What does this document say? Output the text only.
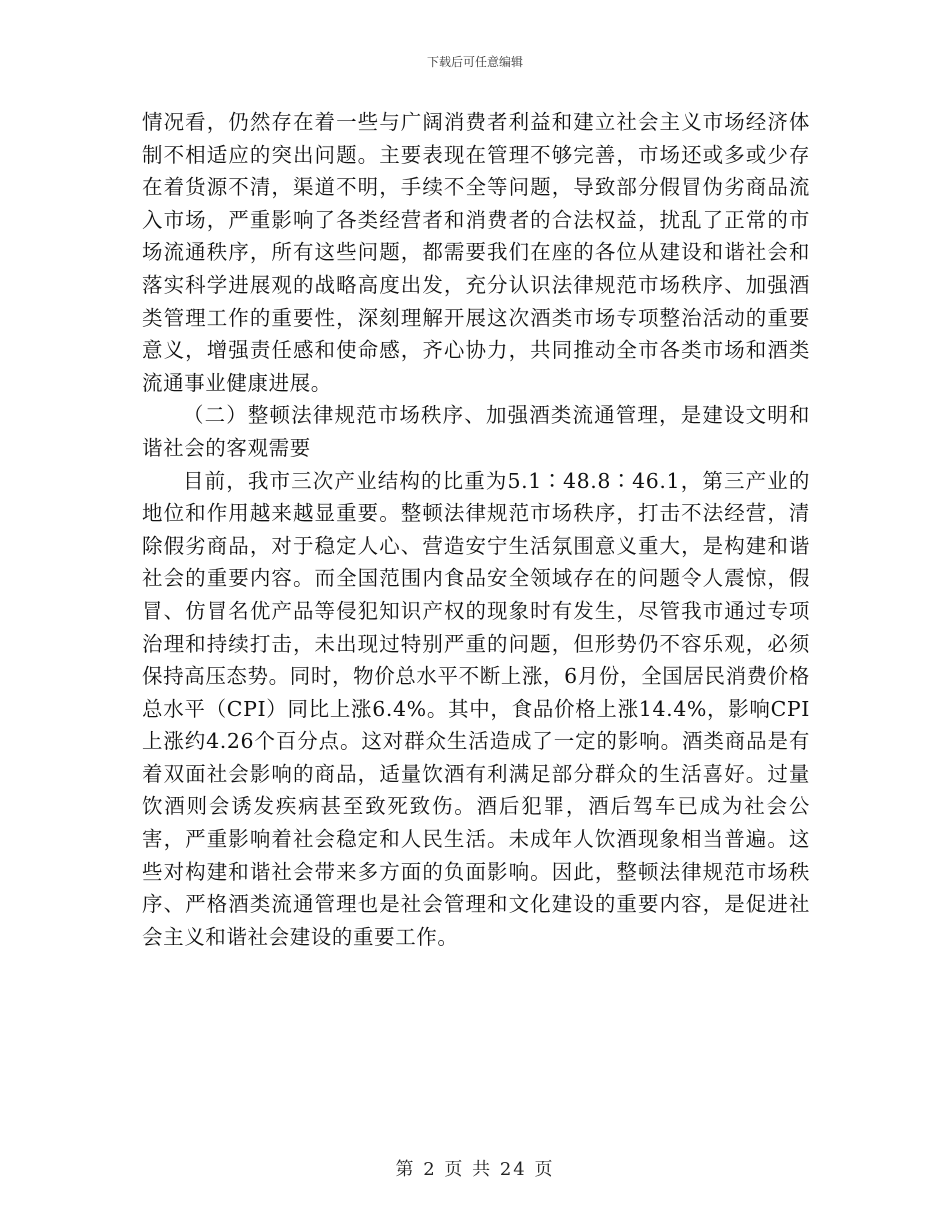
下载后可任意编辑

情况看，仍然存在着一些与广阔消费者利益和建立社会主义市场经济体制不相适应的突出问题。主要表现在管理不够完善，市场还或多或少存在着货源不清，渠道不明，手续不全等问题，导致部分假冒伪劣商品流入市场，严重影响了各类经营者和消费者的合法权益，扰乱了正常的市场流通秩序，所有这些问题，都需要我们在座的各位从建设和谐社会和落实科学进展观的战略高度出发，充分认识法律规范市场秩序、加强酒类管理工作的重要性，深刻理解开展这次酒类市场专项整治活动的重要意义，增强责任感和使命感，齐心协力，共同推动全市各类市场和酒类流通事业健康进展。

（二）整顿法律规范市场秩序、加强酒类流通管理，是建设文明和谐社会的客观需要

目前，我市三次产业结构的比重为5.1∶48.8∶46.1，第三产业的地位和作用越来越显重要。整顿法律规范市场秩序，打击不法经营，清除假劣商品，对于稳定人心、营造安宁生活氛围意义重大，是构建和谐社会的重要内容。而全国范围内食品安全领域存在的问题令人震惊，假冒、仿冒名优产品等侵犯知识产权的现象时有发生，尽管我市通过专项治理和持续打击，未出现过特别严重的问题，但形势仍不容乐观，必须保持高压态势。同时，物价总水平不断上涨，6月份，全国居民消费价格总水平（CPI）同比上涨6.4%。其中，食品价格上涨14.4%，影响CPI上涨约4.26个百分点。这对群众生活造成了一定的影响。酒类商品是有着双面社会影响的商品，适量饮酒有利满足部分群众的生活喜好。过量饮酒则会诱发疾病甚至致死致伤。酒后犯罪，酒后驾车已成为社会公害，严重影响着社会稳定和人民生活。未成年人饮酒现象相当普遍。这些对构建和谐社会带来多方面的负面影响。因此，整顿法律规范市场秩序、严格酒类流通管理也是社会管理和文化建设的重要内容，是促进社会主义和谐社会建设的重要工作。

第 2 页 共 24 页
